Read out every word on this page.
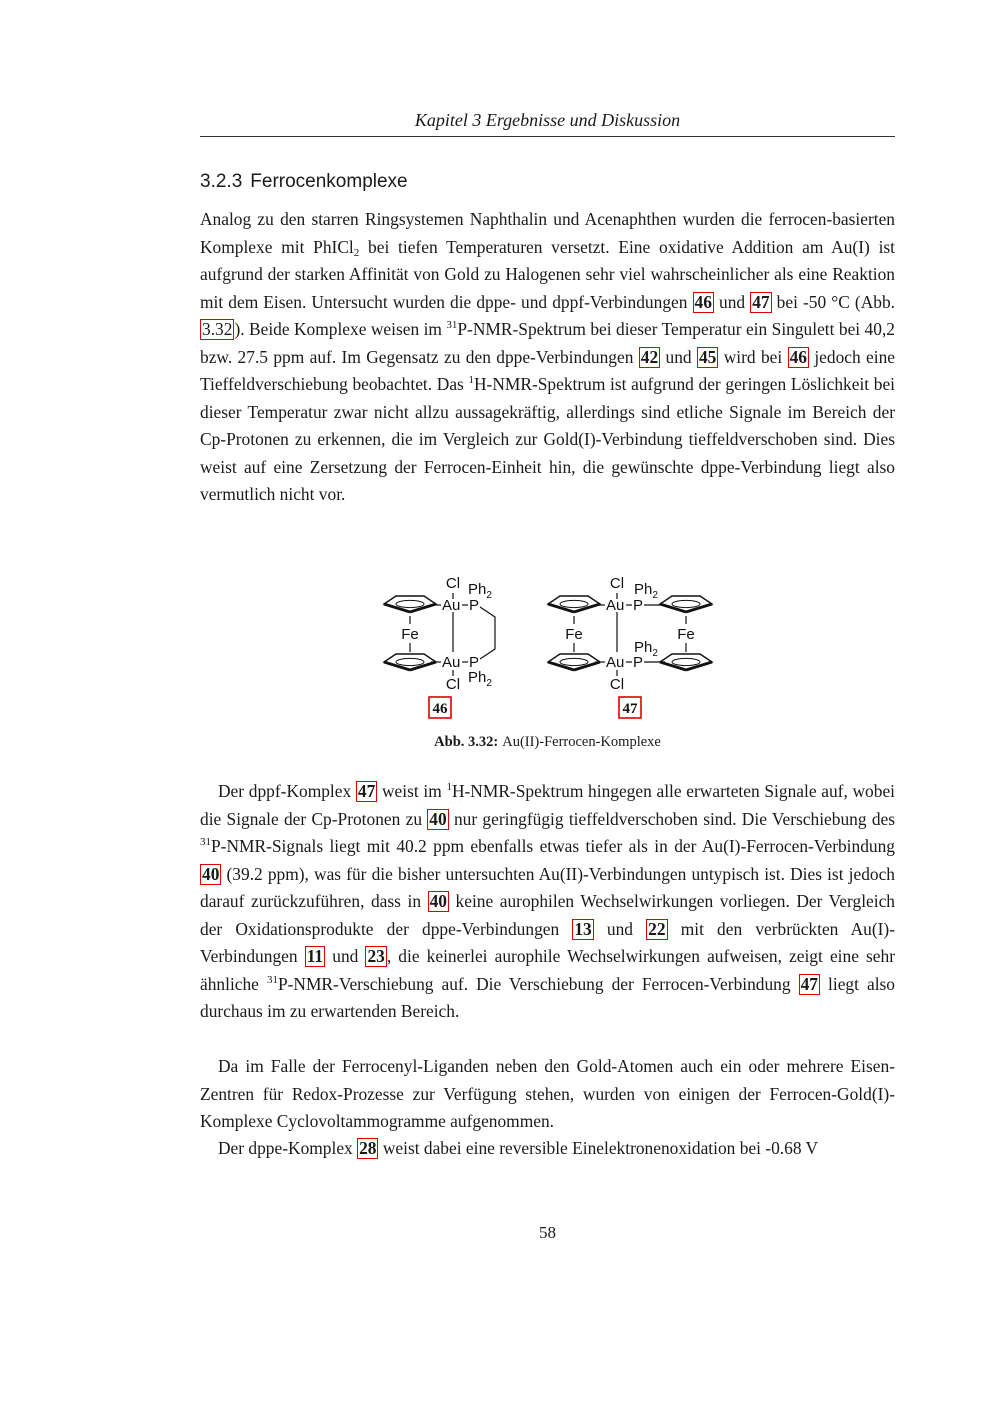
Kapitel 3 Ergebnisse und Diskussion
3.2.3 Ferrocenkomplexe

Analog zu den starren Ringsystemen Naphthalin und Acenaphthen wurden die ferrocen-basierten Komplexe mit PhICl$_2$ bei tiefen Temperaturen versetzt. Eine oxidative Addition am Au(I) ist aufgrund der starken Affinität von Gold zu Halogenen sehr viel wahrscheinlicher als eine Reaktion mit dem Eisen. Untersucht wurden die dppe- und dppf-Verbindungen 46 und 47 bei -50 °C (Abb. 3.32 ). Beide Komplexe weisen im $^{31}$P-NMR-Spektrum bei dieser Temperatur ein Singulett bei 40,2 bzw. 27.5 ppm auf. Im Gegensatz zu den dppe-Verbindungen 42 und 45 wird bei 46 jedoch eine Tieffeldverschiebung beobachtet. Das $^1$H-NMR-Spektrum ist aufgrund der geringen Löslichkeit bei dieser Temperatur zwar nicht allzu aussagekräftig, allerdings sind etliche Signale im Bereich der Cp-Protonen zu erkennen, die im Vergleich zur Gold(I)-Verbindung tieffeldverschoben sind. Dies weist auf eine Zersetzung der Ferrocen-Einheit hin, die gewünschte dppe-Verbindung liegt also vermutlich nicht vor.

Fe
Au
Au
P
P
Cl
Cl
$Ph_2$
$Ph_2$
46
Fe	Fe
Au
Au
P
P
Cl
Cl
$Ph_2$
$Ph_2$
47
Abb. 3.32: Au(II)-Ferrocen-Komplexe

Der dppf-Komplex 47 weist im $^1$H-NMR-Spektrum hingegen alle erwarteten Signale auf, wobei die Signale der Cp-Protonen zu 40 nur geringfügig tieffeldverschoben sind. Die Verschiebung des $^{31}$P-NMR-Signals liegt mit 40.2 ppm ebenfalls etwas tiefer als in der Au(I)-Ferrocen-Verbindung 40 (39.2 ppm), was für die bisher untersuchten Au(II)-Verbindungen untypisch ist. Dies ist jedoch darauf zurückzuführen, dass in 40 keine aurophilen Wechselwirkungen vorliegen. Der Vergleich der Oxidationsprodukte der dppe-Verbindungen 13 und 22 mit den verbrückten Au(I)-Verbindungen 11 und 23 , die keinerlei aurophile Wechselwirkungen aufweisen, zeigt eine sehr ähnliche $^{31}$P-NMR-Verschiebung auf. Die Verschiebung der Ferrocen-Verbindung 47 liegt also durchaus im zu erwartenden Bereich.

Da im Falle der Ferrocenyl-Liganden neben den Gold-Atomen auch ein oder mehrere Eisen-Zentren für Redox-Prozesse zur Verfügung stehen, wurden von einigen der Ferrocen-Gold(I)-Komplexe Cyclovoltammogramme aufgenommen.

Der dppe-Komplex 28 weist dabei eine reversible Einelektronenoxidation bei -0.68 V

58
